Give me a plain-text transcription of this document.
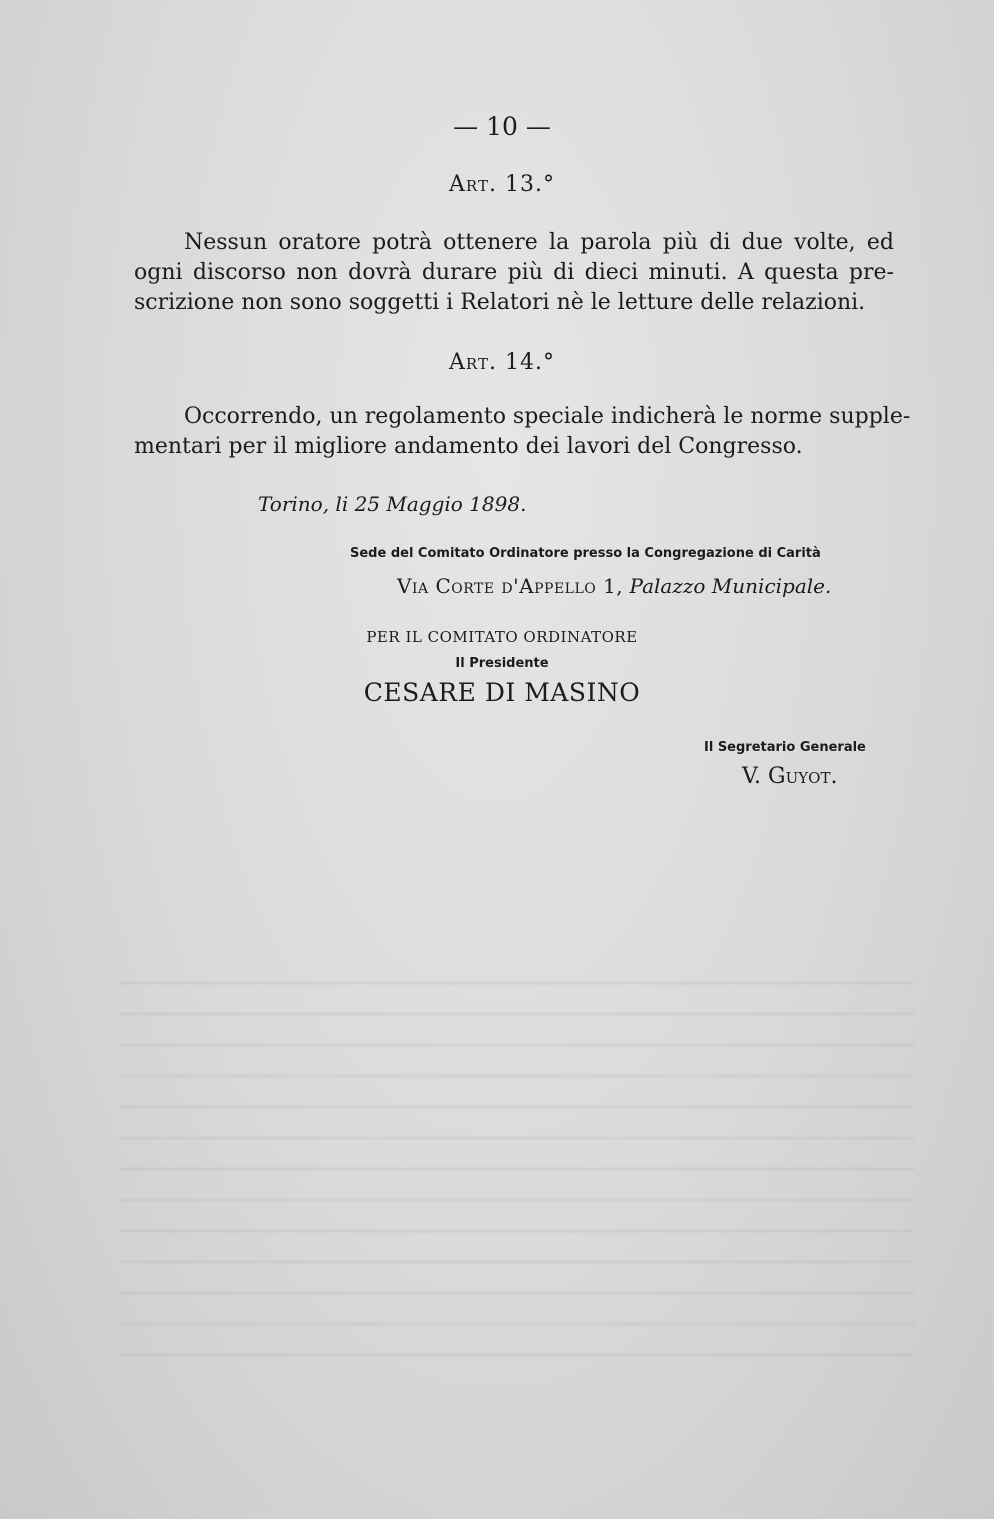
— 10 —
Art. 13.°
Nessun oratore potrà ottenere la parola più di due volte, ed
ogni discorso non dovrà durare più di dieci minuti. A questa pre-
scrizione non sono soggetti i Relatori nè le letture delle relazioni.
Art. 14.°
Occorrendo, un regolamento speciale indicherà le norme supple-
mentari per il migliore andamento dei lavori del Congresso.
Torino, li 25 Maggio 1898.
Sede del Comitato Ordinatore presso la Congregazione di Carità
Via Corte d'Appello 1, Palazzo Municipale.
PER IL COMITATO ORDINATORE
Il Presidente
CESARE DI MASINO
Il Segretario Generale
V. Guyot.
